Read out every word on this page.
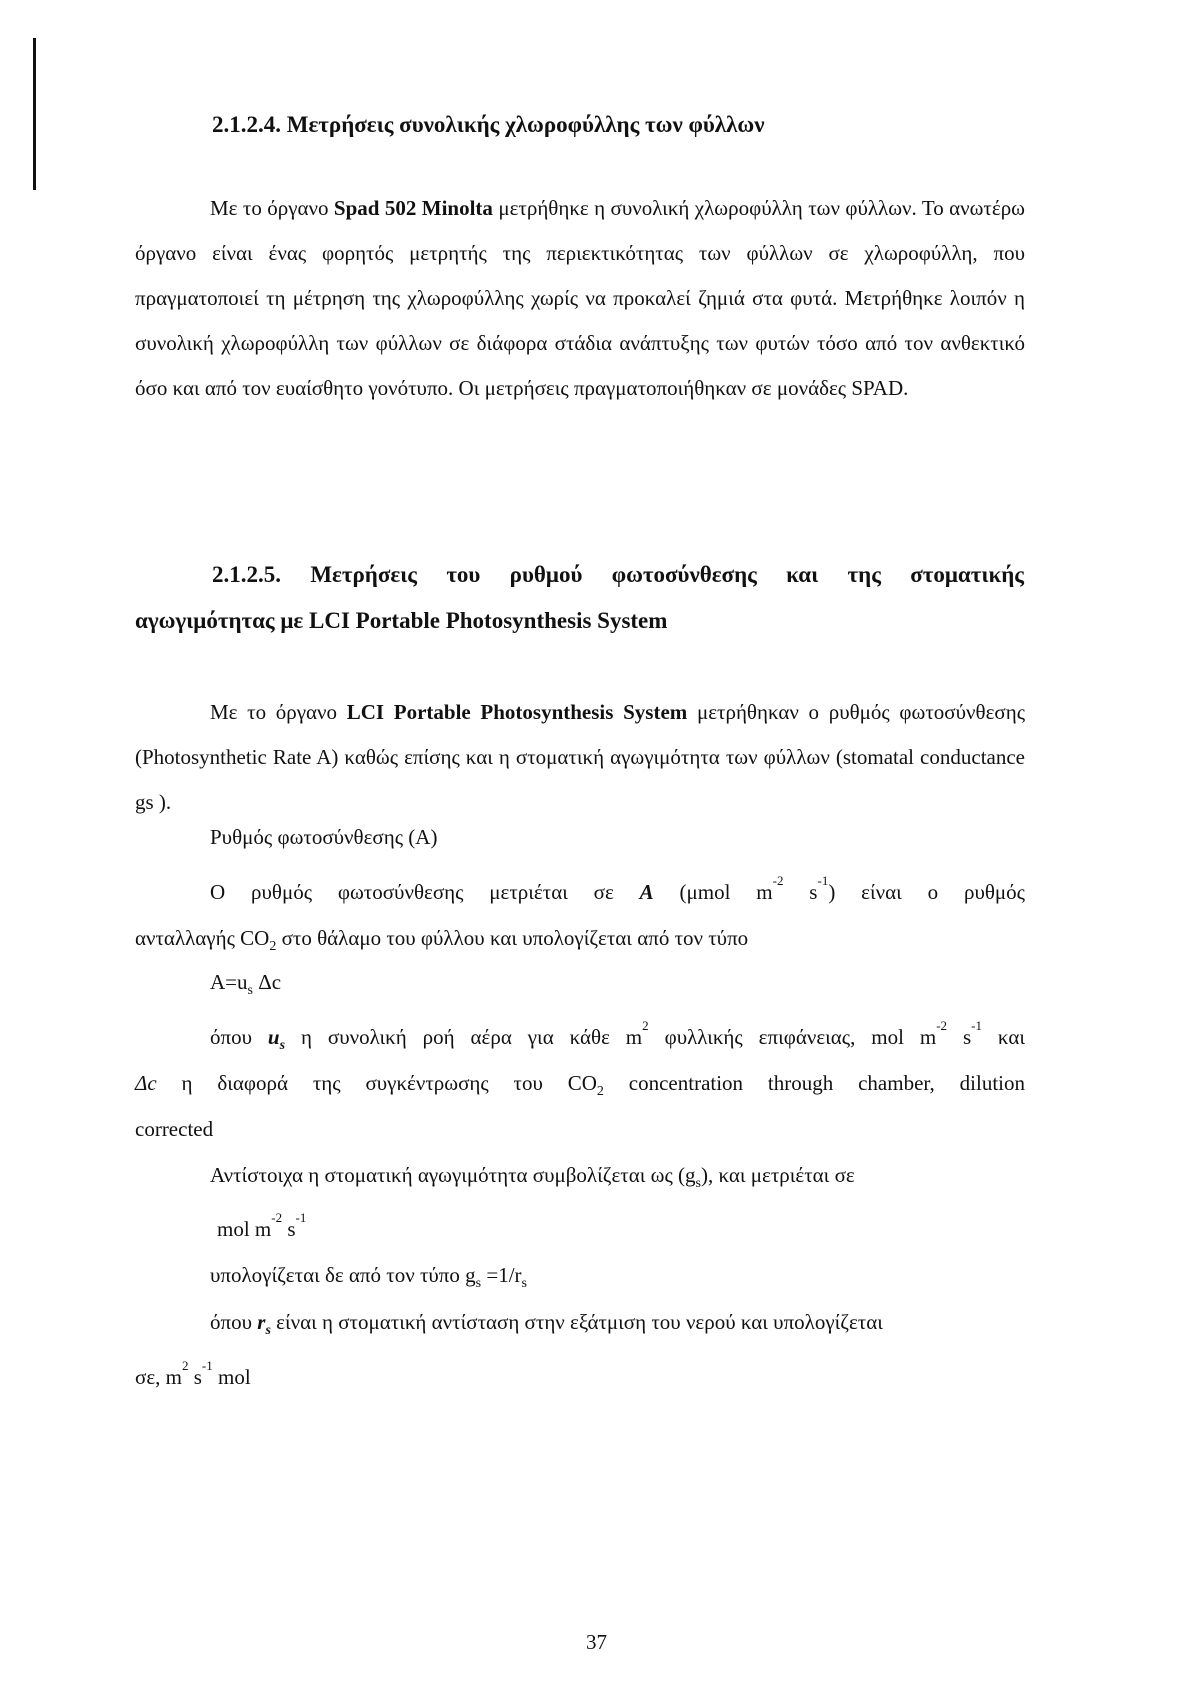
2.1.2.4. Μετρήσεις συνολικής χλωροφύλλης των φύλλων
Με το όργανο Spad 502 Minolta μετρήθηκε η συνολική χλωροφύλλη των φύλλων. Το ανωτέρω όργανο είναι ένας φορητός μετρητής της περιεκτικότητας των φύλλων σε χλωροφύλλη, που πραγματοποιεί τη μέτρηση της χλωροφύλλης χωρίς να προκαλεί ζημιά στα φυτά. Μετρήθηκε λοιπόν η συνολική χλωροφύλλη των φύλλων σε διάφορα στάδια ανάπτυξης των φυτών τόσο από τον ανθεκτικό όσο και από τον ευαίσθητο γονότυπο. Οι μετρήσεις πραγματοποιήθηκαν σε μονάδες SPAD.
2.1.2.5. Μετρήσεις του ρυθμού φωτοσύνθεσης και της στοματικής
αγωγιμότητας με LCI Portable Photosynthesis System
Με το όργανο LCI Portable Photosynthesis System μετρήθηκαν ο ρυθμός φωτοσύνθεσης (Photosynthetic Rate A) καθώς επίσης και η στοματική αγωγιμότητα των φύλλων (stomatal conductance gs ).
Ρυθμός φωτοσύνθεσης (Α)
Ο ρυθμός φωτοσύνθεσης μετριέται σε A (μmol $m^{-2}$ $s^{-1}$) είναι ο ρυθμός
ανταλλαγής $CO_2$ στο θάλαμο του φύλλου και υπολογίζεται από τον τύπο
$A=u_s$ Δc
όπου $u_s$ η συνολική ροή αέρα για κάθε $m^2$ φυλλικής επιφάνειας, mol $m^{-2}$ $s^{-1}$ και
Δc η διαφορά της συγκέντρωσης του $CO_2$ concentration through chamber, dilution
corrected
Αντίστοιχα η στοματική αγωγιμότητα συμβολίζεται ως $(g_s)$, και μετριέται σε
mol $m^{-2}$ $s^{-1}$
υπολογίζεται δε από τον τύπο $g_s =1/r_s$
όπου $r_s$ είναι η στοματική αντίσταση στην εξάτμιση του νερού και υπολογίζεται
σε, $m^2$ $s^{-1}$ mol
37
